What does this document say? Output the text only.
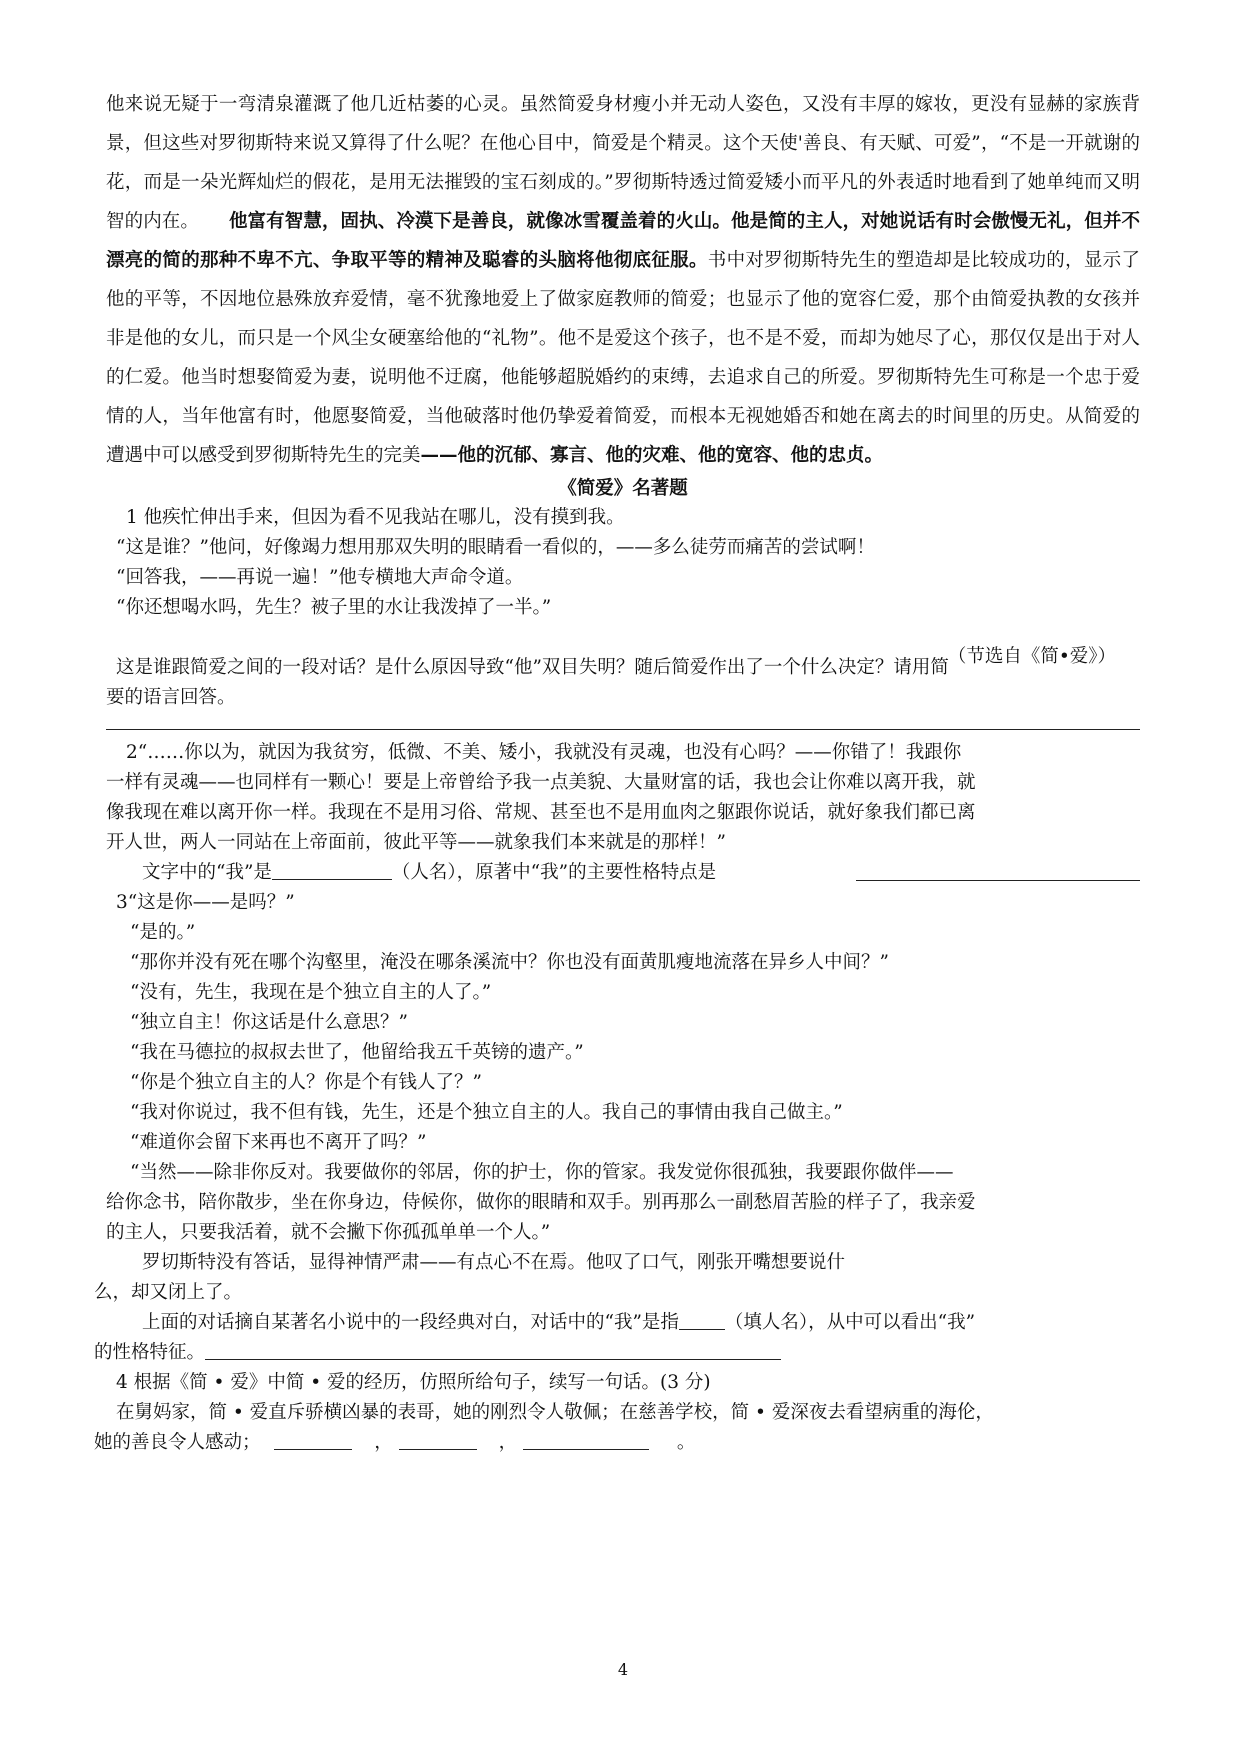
他来说无疑于一弯清泉灌溉了他几近枯萎的心灵。虽然简爱身材瘦小并无动人姿色，又没有丰厚的嫁妆，更没有显赫的家族背景，但这些对罗彻斯特来说又算得了什么呢？在他心目中，简爱是个精灵。这个天使'善良、有天赋、可爱”，“不是一开就谢的花，而是一朵光辉灿烂的假花，是用无法摧毁的宝石刻成的。”罗彻斯特透过简爱矮小而平凡的外表适时地看到了她单纯而又明智的内在。 他富有智慧，固执、冷漠下是善良，就像冰雪覆盖着的火山。他是简的主人，对她说话有时会傲慢无礼，但并不漂亮的简的那种不卑不亢、争取平等的精神及聪睿的头脑将他彻底征服。书中对罗彻斯特先生的塑造却是比较成功的，显示了他的平等，不因地位悬殊放弃爱情，毫不犹豫地爱上了做家庭教师的简爱；也显示了他的宽容仁爱，那个由简爱执教的女孩并非是他的女儿，而只是一个风尘女硬塞给他的“礼物”。他不是爱这个孩子，也不是不爱，而却为她尽了心，那仅仅是出于对人的仁爱。他当时想娶简爱为妻，说明他不迂腐，他能够超脱婚约的束缚，去追求自己的所爱。罗彻斯特先生可称是一个忠于爱情的人，当年他富有时，他愿娶简爱，当他破落时他仍挚爱着简爱，而根本无视她婚否和她在离去的时间里的历史。从简爱的遭遇中可以感受到罗彻斯特先生的完美——他的沉郁、寡言、他的灾难、他的宽容、他的忠贞。

《简爱》名著题

1 他疾忙伸出手来，但因为看不见我站在哪儿，没有摸到我。

“这是谁？”他问，好像竭力想用那双失明的眼睛看一看似的，——多么徒劳而痛苦的尝试啊！

“回答我，——再说一遍！”他专横地大声命令道。

“你还想喝水吗，先生？被子里的水让我泼掉了一半。”

（节选自《简•爱》）

这是谁跟简爱之间的一段对话？是什么原因导致“他”双目失明？随后简爱作出了一个什么决定？请用简

要的语言回答。

2“……你以为，就因为我贫穷，低微、不美、矮小，我就没有灵魂，也没有心吗？——你错了！我跟你

一样有灵魂——也同样有一颗心！要是上帝曾给予我一点美貌、大量财富的话，我也会让你难以离开我，就

像我现在难以离开你一样。我现在不是用习俗、常规、甚至也不是用血肉之躯跟你说话，就好象我们都已离

开人世，两人一同站在上帝面前，彼此平等——就象我们本来就是的那样！”

文字中的“我”是	（人名），原著中“我”的主要性格特点是

3“这是你——是吗？”

“是的。”

“那你并没有死在哪个沟壑里，淹没在哪条溪流中？你也没有面黄肌瘦地流落在异乡人中间？”

“没有，先生，我现在是个独立自主的人了。”

“独立自主！你这话是什么意思？”

“我在马德拉的叔叔去世了，他留给我五千英镑的遗产。”

“你是个独立自主的人？你是个有钱人了？”

“我对你说过，我不但有钱，先生，还是个独立自主的人。我自己的事情由我自己做主。”

“难道你会留下来再也不离开了吗？”

“当然——除非你反对。我要做你的邻居，你的护士，你的管家。我发觉你很孤独，我要跟你做伴——

给你念书，陪你散步，坐在你身边，侍候你，做你的眼睛和双手。别再那么一副愁眉苦脸的样子了，我亲爱

的主人，只要我活着，就不会撇下你孤孤单单一个人。”

罗切斯特没有答话，显得神情严肃——有点心不在焉。他叹了口气，刚张开嘴想要说什

么，却又闭上了。

上面的对话摘自某著名小说中的一段经典对白，对话中的“我”是指 （填人名），从中可以看出“我”

的性格特征。

4 根据《简 • 爱》中简 • 爱的经历，仿照所给句子，续写一句话。(3 分)

在舅妈家，简 • 爱直斥骄横凶暴的表哥，她的刚烈令人敬佩；在慈善学校，简 • 爱深夜去看望病重的海伦，

她的善良令人感动；	，	，	。

4
